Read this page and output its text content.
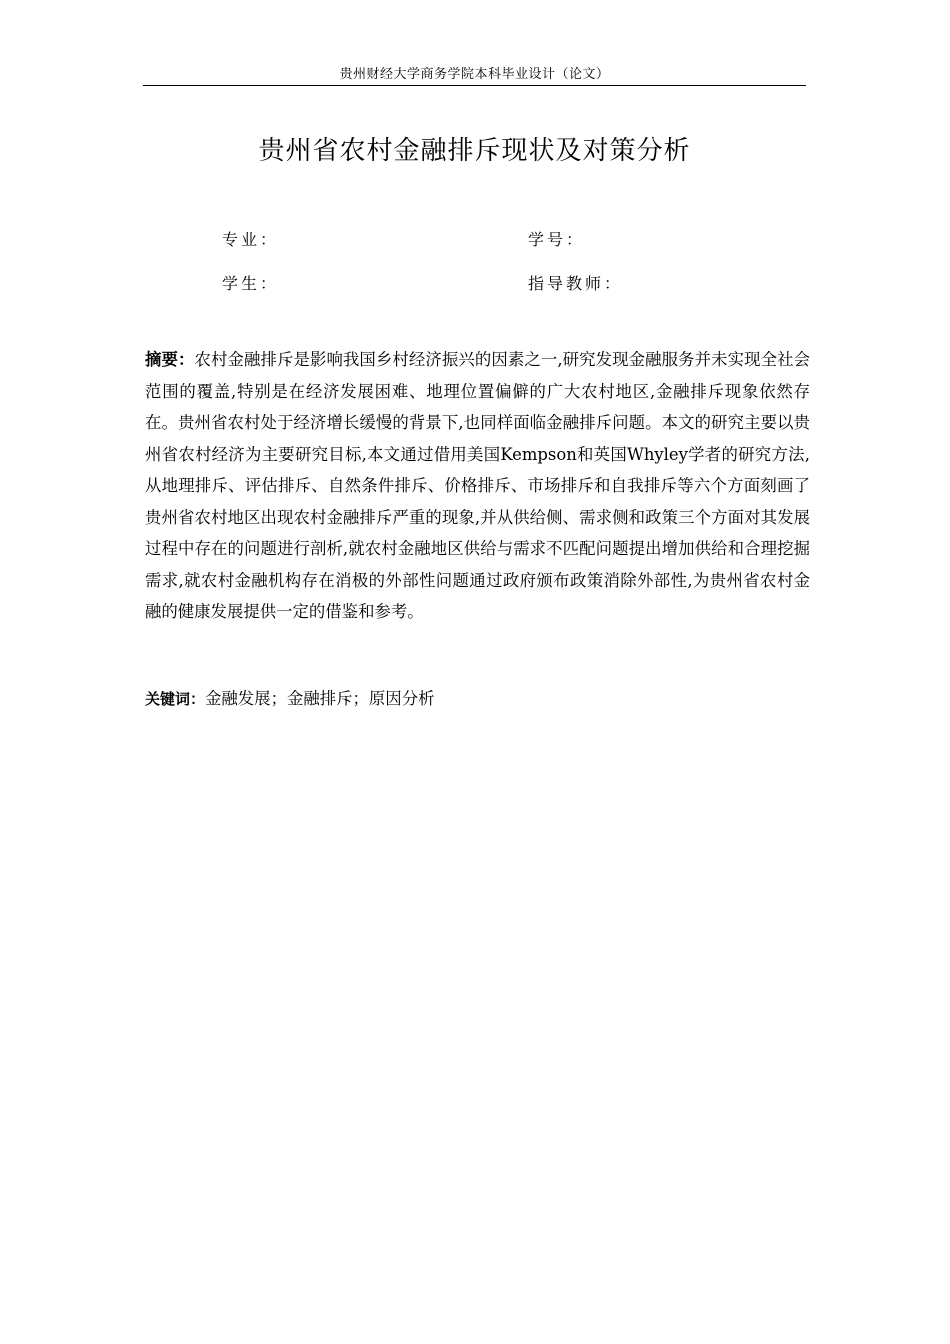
贵州财经大学商务学院本科毕业设计（论文）
贵州省农村金融排斥现状及对策分析
专业：	学号：
学生：	指导教师：
摘要：农村金融排斥是影响我国乡村经济振兴的因素之一,研究发现金融服务并未实现全社会范围的覆盖,特别是在经济发展困难、地理位置偏僻的广大农村地区,金融排斥现象依然存在。贵州省农村处于经济增长缓慢的背景下,也同样面临金融排斥问题。本文的研究主要以贵州省农村经济为主要研究目标,本文通过借用美国Kempson和英国Whyley学者的研究方法,从地理排斥、评估排斥、自然条件排斥、价格排斥、市场排斥和自我排斥等六个方面刻画了贵州省农村地区出现农村金融排斥严重的现象,并从供给侧、需求侧和政策三个方面对其发展过程中存在的问题进行剖析,就农村金融地区供给与需求不匹配问题提出增加供给和合理挖掘需求,就农村金融机构存在消极的外部性问题通过政府颁布政策消除外部性,为贵州省农村金融的健康发展提供一定的借鉴和参考。
关键词：金融发展；金融排斥；原因分析
